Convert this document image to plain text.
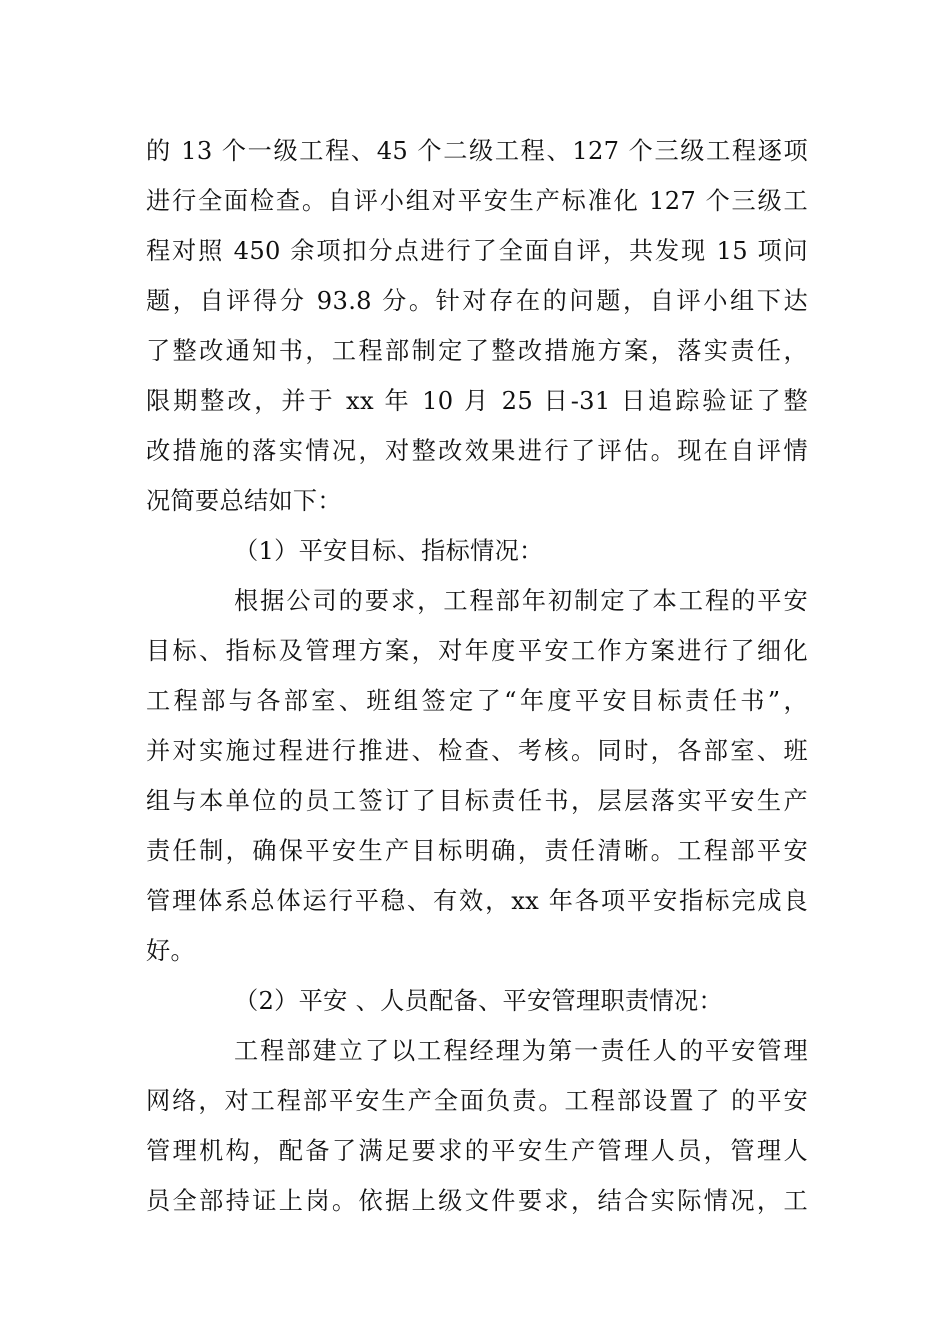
的 13 个一级工程、45 个二级工程、127 个三级工程逐项
进行全面检查。自评小组对平安生产标准化 127 个三级工
程对照 450 余项扣分点进行了全面自评，共发现 15 项问
题，自评得分 93.8 分。针对存在的问题，自评小组下达
了整改通知书，工程部制定了整改措施方案，落实责任，
限期整改，并于 xx 年 10 月 25 日-31 日追踪验证了整
改措施的落实情况，对整改效果进行了评估。现在自评情
况简要总结如下：
（1）平安目标、指标情况：
根据公司的要求，工程部年初制定了本工程的平安
目标、指标及管理方案，对年度平安工作方案进行了细化
工程部与各部室、班组签定了“年度平安目标责任书”，
并对实施过程进行推进、检查、考核。同时，各部室、班
组与本单位的员工签订了目标责任书，层层落实平安生产
责任制，确保平安生产目标明确，责任清晰。工程部平安
管理体系总体运行平稳、有效，xx 年各项平安指标完成良
好。
（2）平安 、人员配备、平安管理职责情况：
工程部建立了以工程经理为第一责任人的平安管理
网络，对工程部平安生产全面负责。工程部设置了 的平安
管理机构，配备了满足要求的平安生产管理人员，管理人
员全部持证上岗。依据上级文件要求，结合实际情况，工
